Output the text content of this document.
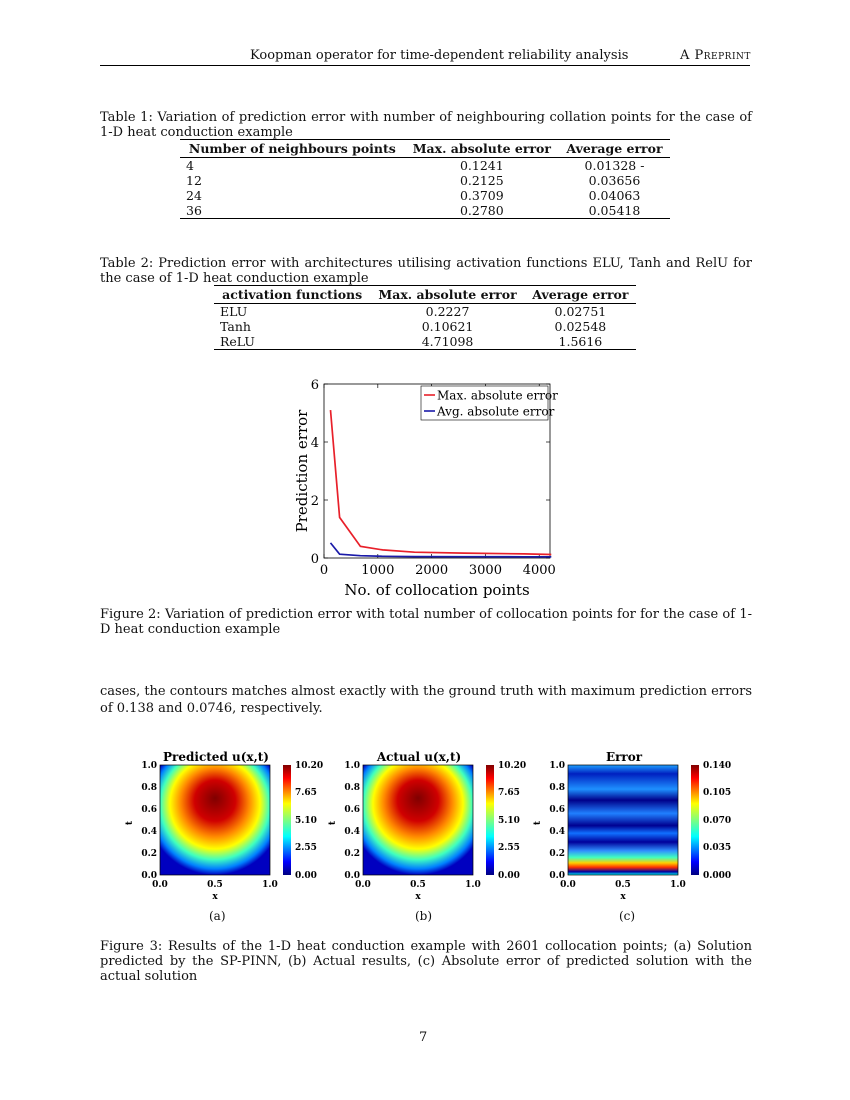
Koopman operator for time-dependent reliability analysis	A Preprint
Table 1: Variation of prediction error with number of neighbouring collation points for the case of 1-D heat conduction example
Number of neighbours points	Max. absolute error	Average error
4	0.1241	0.01328 -
12	0.2125	0.03656
24	0.3709	0.04063
36	0.2780	0.05418
Table 2: Prediction error with architectures utilising activation functions ELU, Tanh and RelU for the case of 1-D heat conduction example
activation functions	Max. absolute error	Average error
ELU	0.2227	0.02751
Tanh	0.10621	0.02548
ReLU	4.71098	1.5616
0	1000 2000 3000 4000
0
2
4
6
No. of collocation points
Prediction error
Max. absolute error
Avg. absolute error
Figure 2: Variation of prediction error with total number of collocation points for for the case of 1-D heat conduction example
cases, the contours matches almost exactly with the ground truth with maximum prediction errors of 0.138 and 0.0746, respectively.
Predicted u(x,t)
1.0
0.8
0.6
0.4
0.2
0.0
0.0	0.5	1.0
x
t
10.20
7.65
5.10
2.55
0.00
Actual u(x,t)
1.0
0.8
0.6
0.4
0.2
0.0
0.0	0.5	1.0
x
t
10.20
7.65
5.10
2.55
0.00
Error
1.0
0.8
0.6
0.4
0.2
0.0
0.0	0.5	1.0
x
t
0.140
0.105
0.070
0.035
0.000
(a)	(b)	(c)
Figure 3: Results of the 1-D heat conduction example with 2601 collocation points; (a) Solution predicted by the SP-PINN, (b) Actual results, (c) Absolute error of predicted solution with the actual solution
7
